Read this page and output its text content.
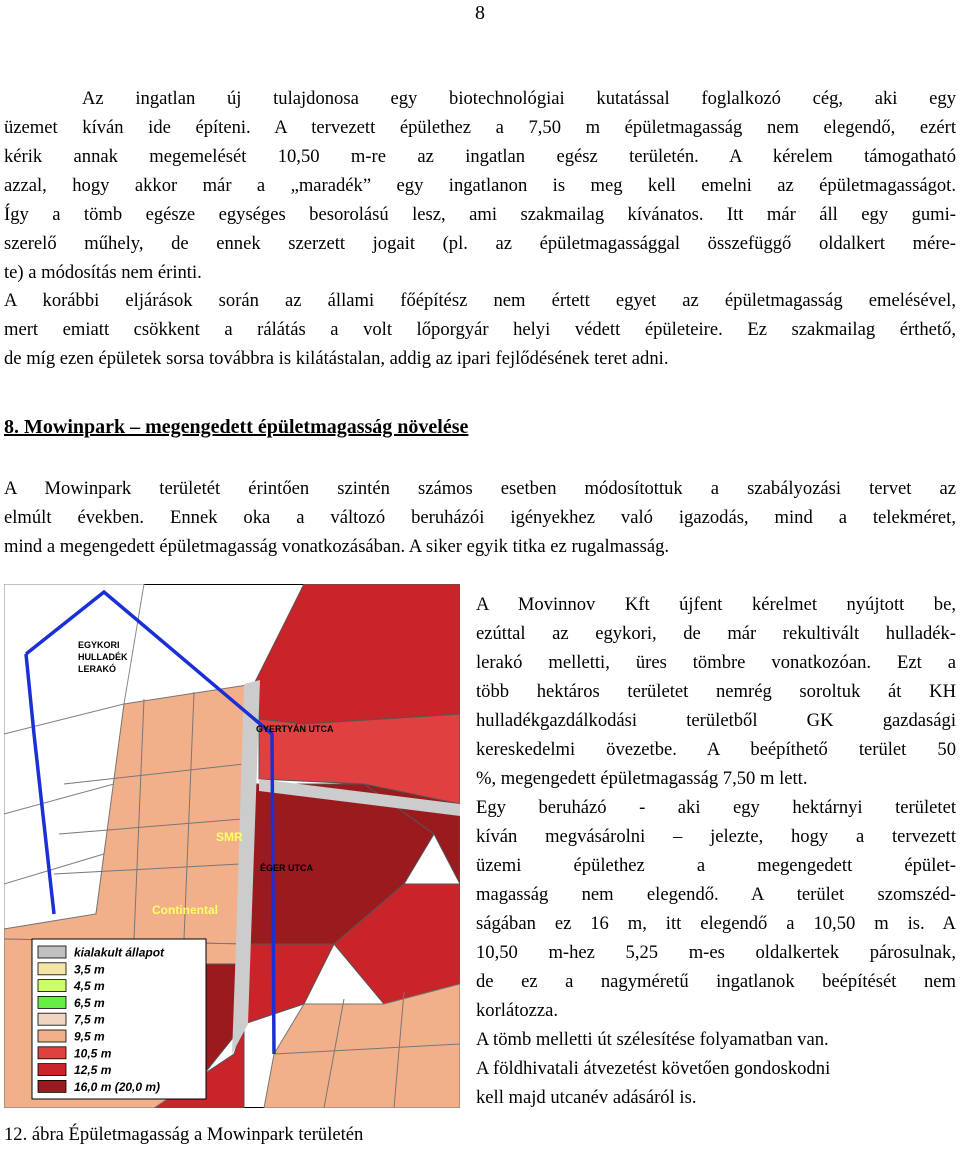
8
Az ingatlan új tulajdonosa egy biotechnológiai kutatással foglalkozó cég, aki egy
üzemet kíván ide építeni. A tervezett épülethez a 7,50 m épületmagasság nem elegendő, ezért
kérik annak megemelését 10,50 m-re az ingatlan egész területén. A kérelem támogatható
azzal, hogy akkor már a „maradék” egy ingatlanon is meg kell emelni az épületmagasságot.
Így a tömb egésze egységes besorolású lesz, ami szakmailag kívánatos. Itt már áll egy gumi-
szerelő műhely, de ennek szerzett jogait (pl. az épületmagassággal összefüggő oldalkert mére-
te) a módosítás nem érinti.
A korábbi eljárások során az állami főépítész nem értett egyet az épületmagasság emelésével,
mert emiatt csökkent a rálátás a volt lőporgyár helyi védett épületeire. Ez szakmailag érthető,
de míg ezen épületek sorsa továbbra is kilátástalan, addig az ipari fejlődésének teret adni.
8. Mowinpark – megengedett épületmagasság növelése
A Mowinpark területét érintően szintén számos esetben módosítottuk a szabályozási tervet az
elmúlt években. Ennek oka a változó beruházói igényekhez való igazodás, mind a telekméret,
mind a megengedett épületmagasság vonatkozásában. A siker egyik titka ez rugalmasság.
EGYKORI
HULLADÉK
LERAKÓ
GYERTYÁN UTCA
ÉGER UTCA
SMR
Continental
kialakult állapot
3,5 m
4,5 m
6,5 m
7,5 m
9,5 m
10,5 m
12,5 m
16,0 m (20,0 m)
12. ábra Épületmagasság a Mowinpark területén
A Movinnov Kft újfent kérelmet nyújtott be,
ezúttal az egykori, de már rekultivált hulladék-
lerakó melletti, üres tömbre vonatkozóan. Ezt a
több hektáros területet nemrég soroltuk át KH
hulladékgazdálkodási területből GK gazdasági
kereskedelmi övezetbe. A beépíthető terület 50
%, megengedett épületmagasság 7,50 m lett.
Egy beruházó - aki egy hektárnyi területet
kíván megvásárolni – jelezte, hogy a tervezett
üzemi épülethez a megengedett épület-
magasság nem elegendő. A terület szomszéd-
ságában ez 16 m, itt elegendő a 10,50 m is. A
10,50 m-hez 5,25 m-es oldalkertek párosulnak,
de ez a nagyméretű ingatlanok beépítését nem
korlátozza.
A tömb melletti út szélesítése folyamatban van.
A földhivatali átvezetést követően gondoskodni
kell majd utcanév adásáról is.
